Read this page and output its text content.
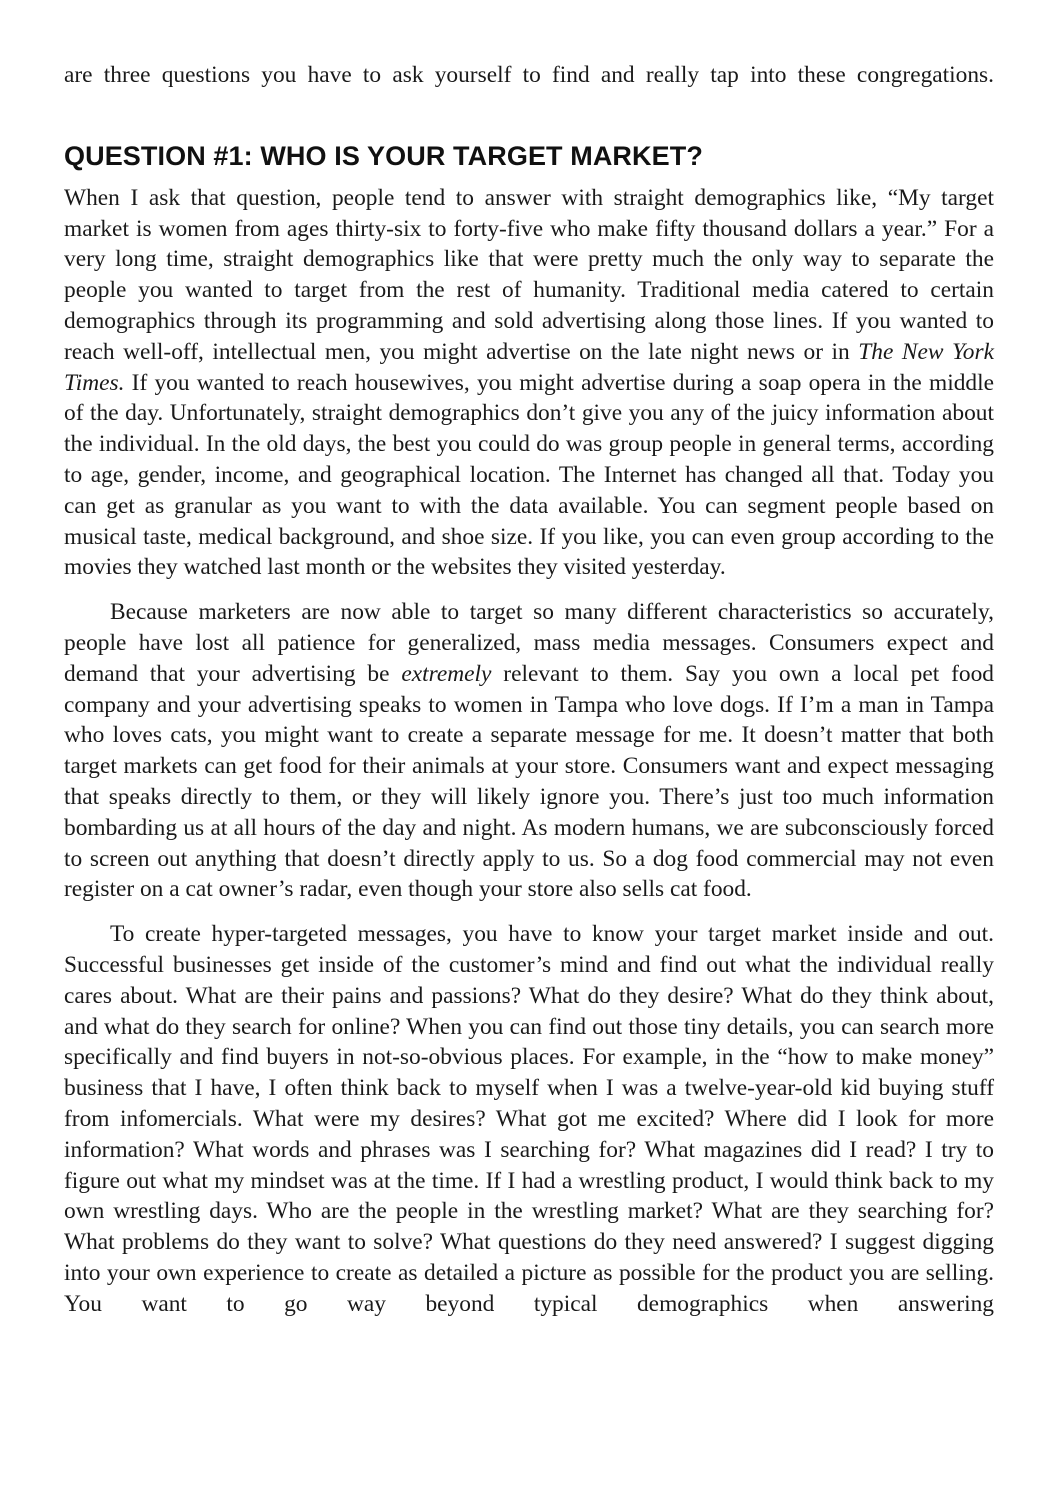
are three questions you have to ask yourself to find and really tap into these congregations.

QUESTION #1: WHO IS YOUR TARGET MARKET?

When I ask that question, people tend to answer with straight demographics like, “My target market is women from ages thirty-six to forty-five who make fifty thousand dollars a year.” For a very long time, straight demographics like that were pretty much the only way to separate the people you wanted to target from the rest of humanity. Traditional media catered to certain demographics through its programming and sold advertising along those lines. If you wanted to reach well-off, intellectual men, you might advertise on the late night news or in The New York Times. If you wanted to reach housewives, you might advertise during a soap opera in the middle of the day. Unfortunately, straight demographics don’t give you any of the juicy information about the individual. In the old days, the best you could do was group people in general terms, according to age, gender, income, and geographical location. The Internet has changed all that. Today you can get as granular as you want to with the data available. You can segment people based on musical taste, medical background, and shoe size. If you like, you can even group according to the movies they watched last month or the websites they visited yesterday.

Because marketers are now able to target so many different characteristics so accurately, people have lost all patience for generalized, mass media messages. Consumers expect and demand that your advertising be extremely relevant to them. Say you own a local pet food company and your advertising speaks to women in Tampa who love dogs. If I’m a man in Tampa who loves cats, you might want to create a separate message for me. It doesn’t matter that both target markets can get food for their animals at your store. Consumers want and expect messaging that speaks directly to them, or they will likely ignore you. There’s just too much information bombarding us at all hours of the day and night. As modern humans, we are subconsciously forced to screen out anything that doesn’t directly apply to us. So a dog food commercial may not even register on a cat owner’s radar, even though your store also sells cat food.

To create hyper-targeted messages, you have to know your target market inside and out. Successful businesses get inside of the customer’s mind and find out what the individual really cares about. What are their pains and passions? What do they desire? What do they think about, and what do they search for online? When you can find out those tiny details, you can search more specifically and find buyers in not-so-obvious places. For example, in the “how to make money” business that I have, I often think back to myself when I was a twelve-year-old kid buying stuff from infomercials. What were my desires? What got me excited? Where did I look for more information? What words and phrases was I searching for? What magazines did I read? I try to figure out what my mindset was at the time. If I had a wrestling product, I would think back to my own wrestling days. Who are the people in the wrestling market? What are they searching for? What problems do they want to solve? What questions do they need answered? I suggest digging into your own experience to create as detailed a picture as possible for the product you are selling. You want to go way beyond typical demographics when answering
